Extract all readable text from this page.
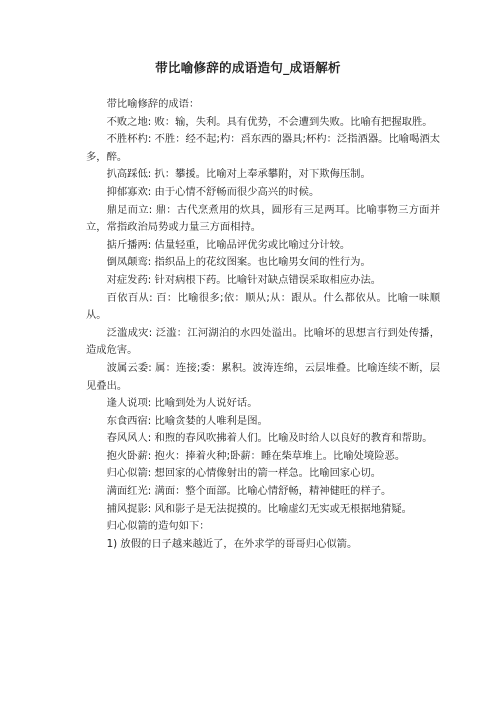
带比喻修辞的成语造句_成语解析

带比喻修辞的成语：

不败之地: 败：输，失利。具有优势，不会遭到失败。比喻有把握取胜。

不胜杯杓: 不胜：经不起;杓：舀东西的器具;杯杓：泛指酒器。比喻喝酒太多，醉。

扒高踩低: 扒：攀援。比喻对上奉承攀附，对下欺侮压制。

抑郁寡欢: 由于心情不舒畅而很少高兴的时候。

鼎足而立: 鼎：古代烹煮用的炊具，圆形有三足两耳。比喻事物三方面并立，常指政治局势或力量三方面相持。

掂斤播两: 估量轻重，比喻品评优劣或比喻过分计较。

倒凤颠鸾: 指织品上的花纹图案。也比喻男女间的性行为。

对症发药: 针对病根下药。比喻针对缺点错误采取相应办法。

百依百从: 百：比喻很多;依：顺从;从：跟从。什么都依从。比喻一味顺从。

泛滥成灾: 泛滥：江河湖泊的水四处溢出。比喻坏的思想言行到处传播，造成危害。

波属云委: 属：连接;委：累积。波涛连绵，云层堆叠。比喻连续不断，层见叠出。

逢人说项: 比喻到处为人说好话。

东食西宿: 比喻贪婪的人唯利是图。

春风风人: 和煦的春风吹拂着人们。比喻及时给人以良好的教育和帮助。

抱火卧薪: 抱火：捧着火种;卧薪：睡在柴草堆上。比喻处境险恶。

归心似箭: 想回家的心情像射出的箭一样急。比喻回家心切。

满面红光: 满面：整个面部。比喻心情舒畅，精神健旺的样子。

捕风捉影: 风和影子是无法捉摸的。比喻虚幻无实或无根据地猜疑。

归心似箭的造句如下：

1) 放假的日子越来越近了，在外求学的哥哥归心似箭。
